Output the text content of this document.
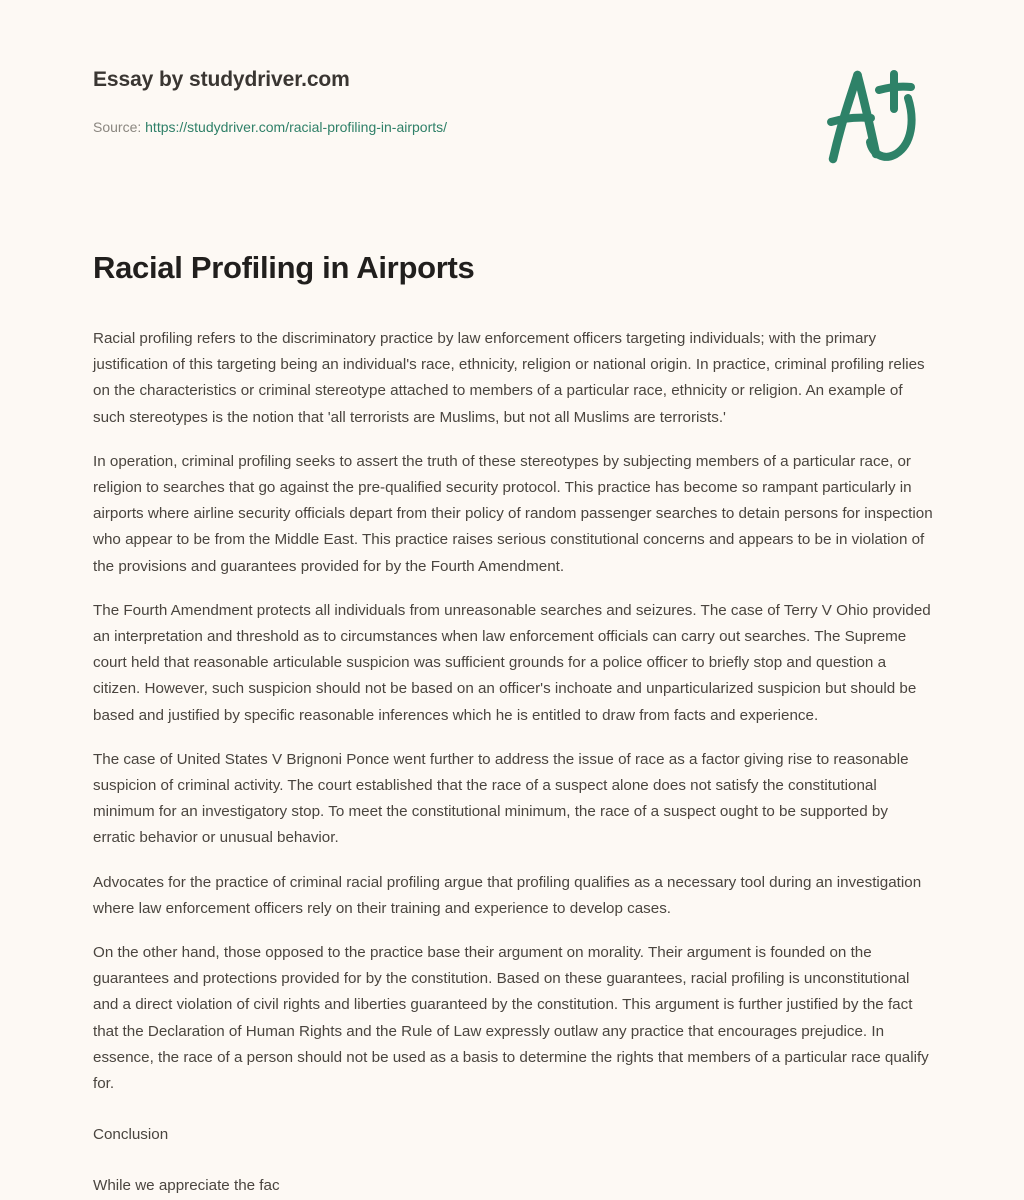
Essay by studydriver.com
Source: https://studydriver.com/racial-profiling-in-airports/
Racial Profiling in Airports

Racial profiling refers to the discriminatory practice by law enforcement officers targeting individuals; with the primary justification of this targeting being an individual's race, ethnicity, religion or national origin. In practice, criminal profiling relies on the characteristics or criminal stereotype attached to members of a particular race, ethnicity or religion. An example of such stereotypes is the notion that 'all terrorists are Muslims, but not all Muslims are terrorists.'

In operation, criminal profiling seeks to assert the truth of these stereotypes by subjecting members of a particular race, or religion to searches that go against the pre-qualified security protocol. This practice has become so rampant particularly in airports where airline security officials depart from their policy of random passenger searches to detain persons for inspection who appear to be from the Middle East. This practice raises serious constitutional concerns and appears to be in violation of the provisions and guarantees provided for by the Fourth Amendment.

The Fourth Amendment protects all individuals from unreasonable searches and seizures. The case of Terry V Ohio provided an interpretation and threshold as to circumstances when law enforcement officials can carry out searches. The Supreme court held that reasonable articulable suspicion was sufficient grounds for a police officer to briefly stop and question a citizen. However, such suspicion should not be based on an officer's inchoate and unparticularized suspicion but should be based and justified by specific reasonable inferences which he is entitled to draw from facts and experience.

The case of United States V Brignoni Ponce went further to address the issue of race as a factor giving rise to reasonable suspicion of criminal activity. The court established that the race of a suspect alone does not satisfy the constitutional minimum for an investigatory stop. To meet the constitutional minimum, the race of a suspect ought to be supported by erratic behavior or unusual behavior.

Advocates for the practice of criminal racial profiling argue that profiling qualifies as a necessary tool during an investigation where law enforcement officers rely on their training and experience to develop cases.

On the other hand, those opposed to the practice base their argument on morality. Their argument is founded on the guarantees and protections provided for by the constitution. Based on these guarantees, racial profiling is unconstitutional and a direct violation of civil rights and liberties guaranteed by the constitution. This argument is further justified by the fact that the Declaration of Human Rights and the Rule of Law expressly outlaw any practice that encourages prejudice. In essence, the race of a person should not be used as a basis to determine the rights that members of a particular race qualify for.

Conclusion

While we appreciate the fac
